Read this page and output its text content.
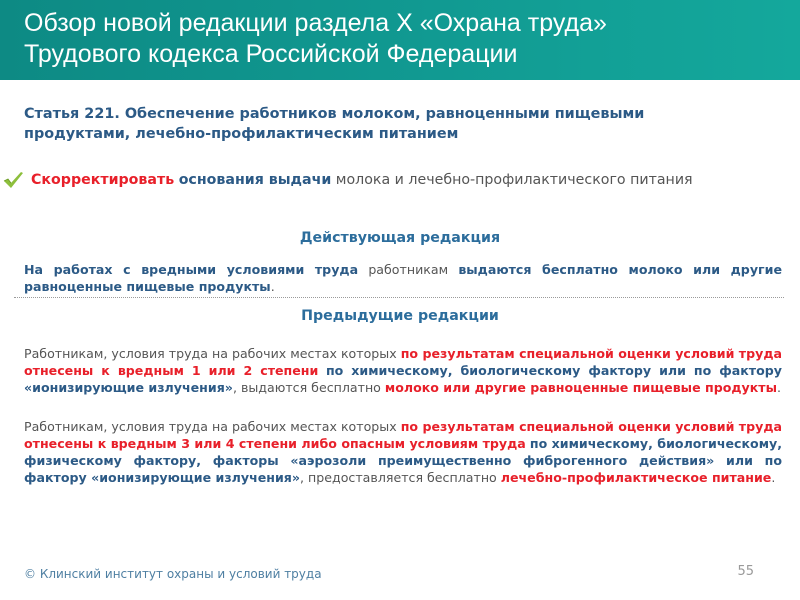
Обзор новой редакции раздела X «Охрана труда»
Трудового кодекса Российской Федерации
Статья 221. Обеспечение работников молоком, равноценными пищевыми
продуктами, лечебно-профилактическим питанием
Скорректировать основания выдачи молока и лечебно-профилактического питания
Действующая редакция
На работах с вредными условиями труда работникам выдаются бесплатно молоко или другие равноценные пищевые продукты.
Предыдущие редакции
Работникам, условия труда на рабочих местах которых по результатам специальной оценки условий труда отнесены к вредным 1 или 2 степени по химическому, биологическому фактору или по фактору «ионизирующие излучения», выдаются бесплатно молоко или другие равноценные пищевые продукты.
Работникам, условия труда на рабочих местах которых по результатам специальной оценки условий труда отнесены к вредным 3 или 4 степени либо опасным условиям труда по химическому, биологическому, физическому фактору, факторы «аэрозоли преимущественно фиброгенного действия» или по фактору «ионизирующие излучения», предоставляется бесплатно лечебно-профилактическое питание.
© Клинский институт охраны и условий труда	55
